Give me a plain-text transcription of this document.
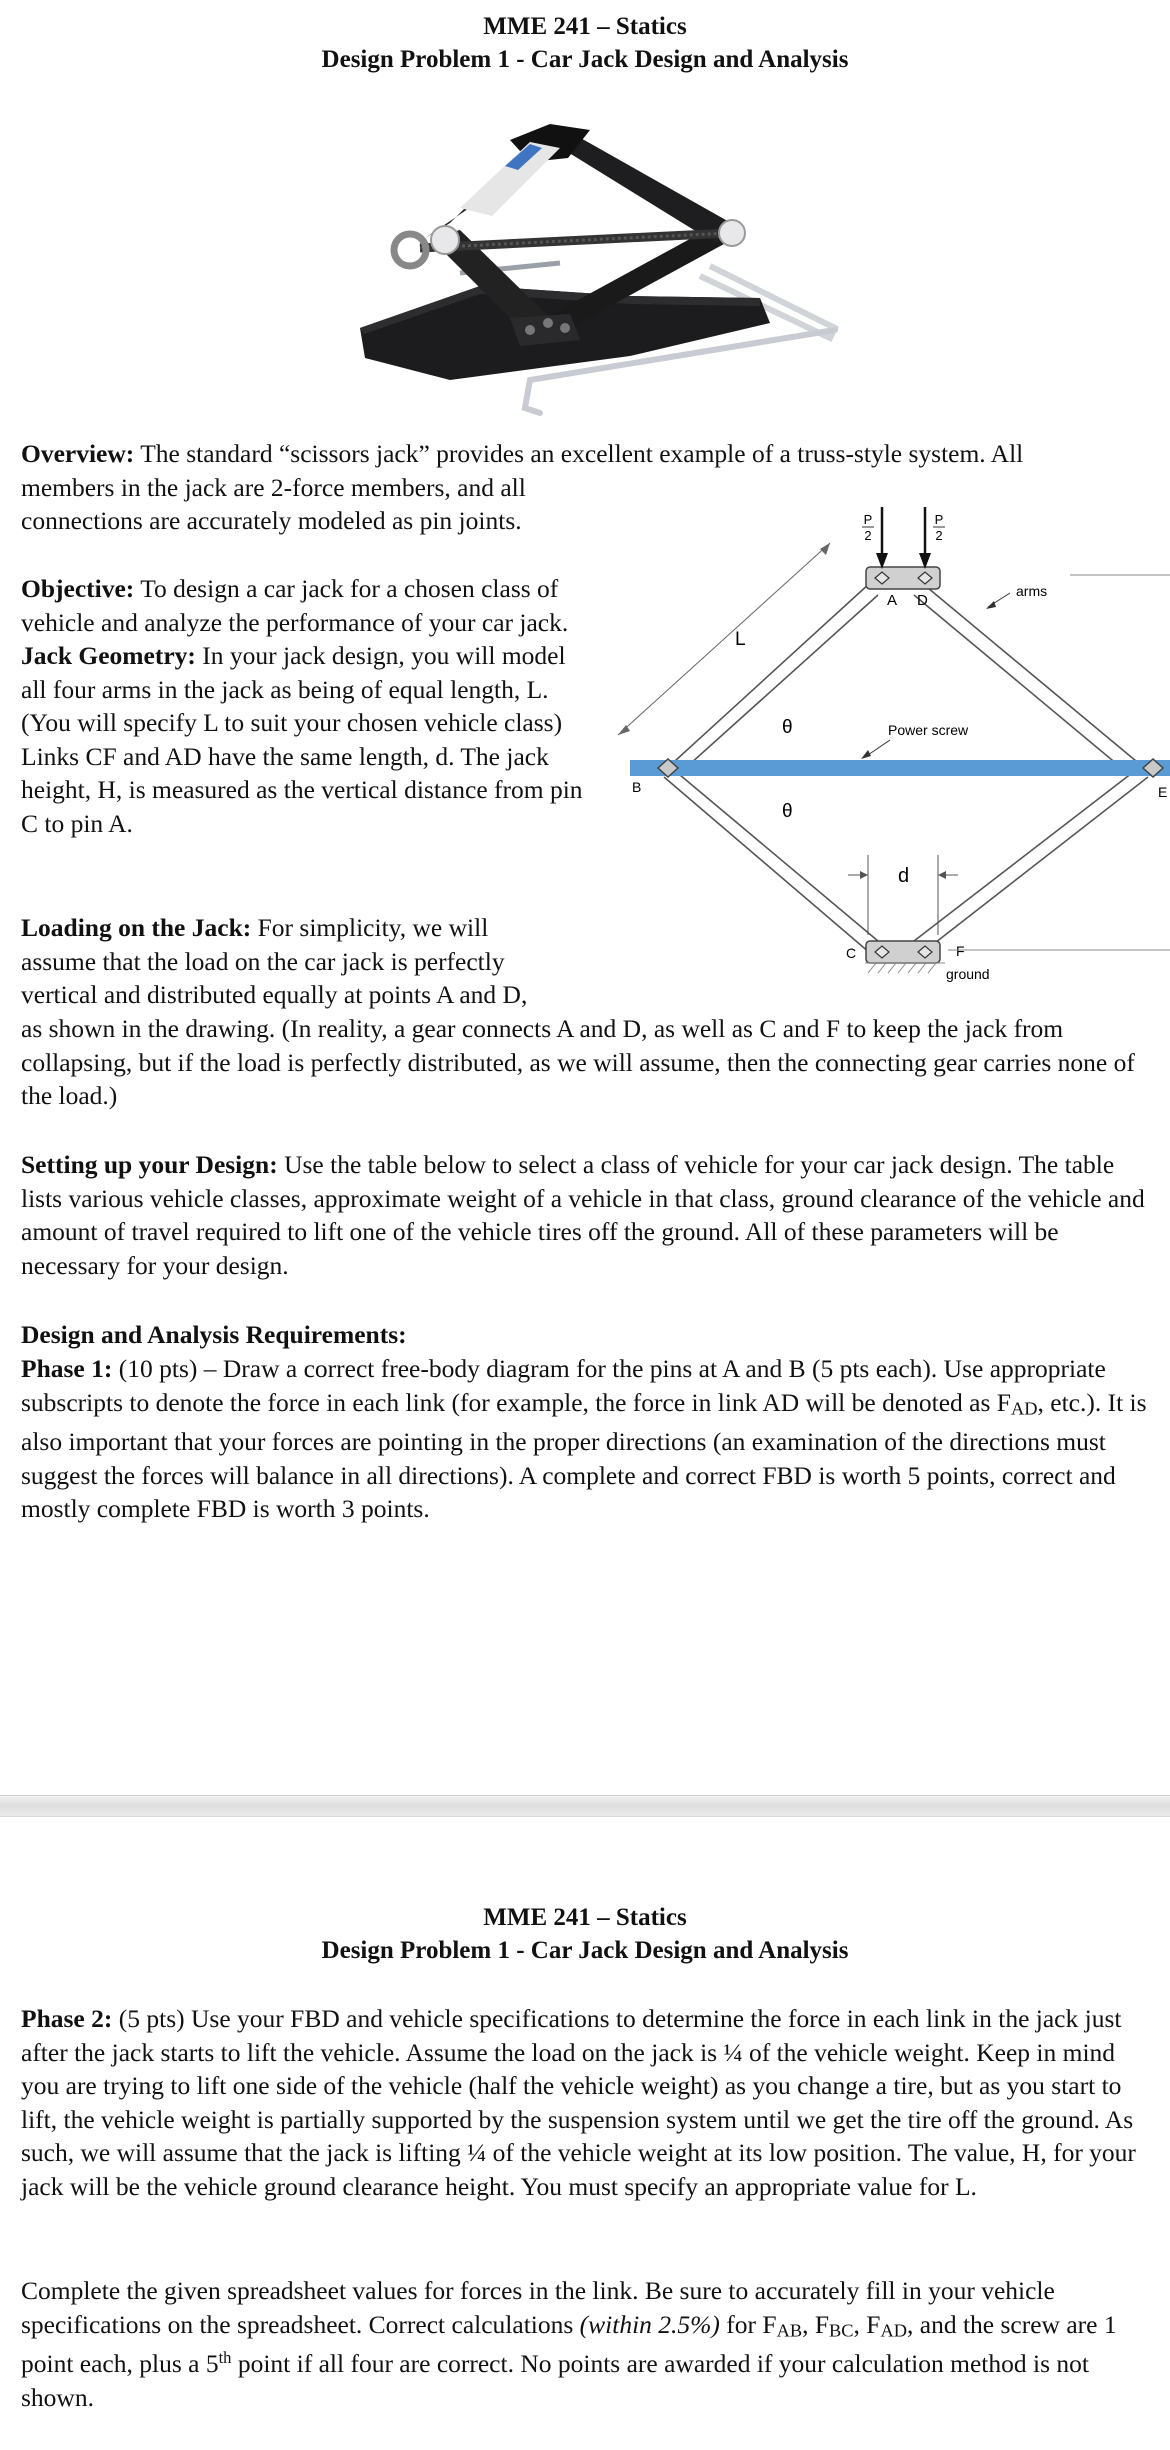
MME 241 – Statics
Design Problem 1 - Car Jack Design and Analysis
Overview: The standard “scissors jack” provides an excellent example of a truss-style system. All
members in the jack are 2-force members, and all
connections are accurately modeled as pin joints.
Objective: To design a car jack for a chosen class of vehicle and analyze the performance of your car jack. Jack Geometry: In your jack design, you will model all four arms in the jack as being of equal length, L. (You will specify L to suit your chosen vehicle class) Links CF and AD have the same length, d. The jack height, H, is measured as the vertical distance from pin C to pin A.
Loading on the Jack: For simplicity, we will
assume that the load on the car jack is perfectly
vertical and distributed equally at points A and D,
as shown in the drawing. (In reality, a gear connects A and D, as well as C and F to keep the jack from collapsing, but if the load is perfectly distributed, as we will assume, then the connecting gear carries none of the load.)
P
2
P
2
A D
B	E
C	F
L
θ
θ
d
arms
Power screw
ground
Setting up your Design: Use the table below to select a class of vehicle for your car jack design. The table lists various vehicle classes, approximate weight of a vehicle in that class, ground clearance of the vehicle and amount of travel required to lift one of the vehicle tires off the ground. All of these parameters will be necessary for your design.
Design and Analysis Requirements:
Phase 1: (10 pts) – Draw a correct free-body diagram for the pins at A and B (5 pts each). Use appropriate subscripts to denote the force in each link (for example, the force in link AD will be denoted as FAD, etc.). It is also important that your forces are pointing in the proper directions (an examination of the directions must suggest the forces will balance in all directions). A complete and correct FBD is worth 5 points, correct and mostly complete FBD is worth 3 points.
MME 241 – Statics
Design Problem 1 - Car Jack Design and Analysis
Phase 2: (5 pts) Use your FBD and vehicle specifications to determine the force in each link in the jack just after the jack starts to lift the vehicle. Assume the load on the jack is ¼ of the vehicle weight. Keep in mind you are trying to lift one side of the vehicle (half the vehicle weight) as you change a tire, but as you start to lift, the vehicle weight is partially supported by the suspension system until we get the tire off the ground. As such, we will assume that the jack is lifting ¼ of the vehicle weight at its low position. The value, H, for your jack will be the vehicle ground clearance height. You must specify an appropriate value for L.
Complete the given spreadsheet values for forces in the link. Be sure to accurately fill in your vehicle specifications on the spreadsheet. Correct calculations (within 2.5%) for FAB, FBC, FAD, and the screw are 1 point each, plus a 5th point if all four are correct. No points are awarded if your calculation method is not shown.
